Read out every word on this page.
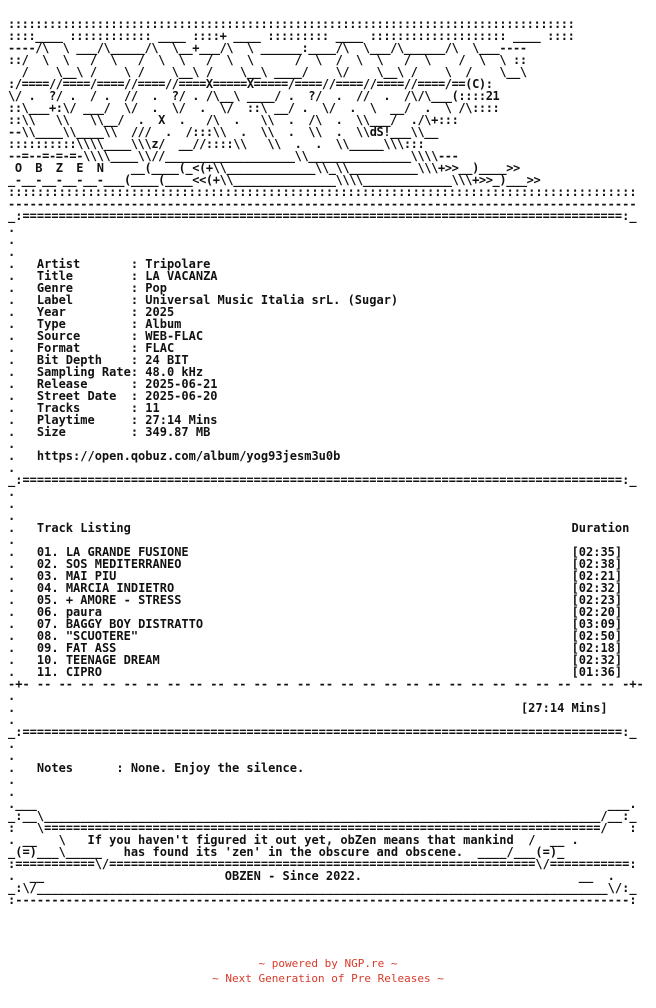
:::::::::::::::::::::::::::::::::::::::::::::::::::::::::::::::::::::::::::::::::::
::::____ :::::::::::: ____ ::::+ ____ ::::::::: ____ :::::::::::::::::::: ____ ::::
----/\  \ ___/\_____/\  \__+___/\  \ ______:____/\  \___/\______/\  \___----
::/  \  \   /  \   /  \  \   /  \  \      /  \  /  \  \   /  \    /  \  \ ::
/    \__\ /    \ /    \__\ /    \__\ ____/    \/    \__\ /    \  /    \__\
:/====//====/====//====//====X=====X=====/====//====//====//====/==(C):
\/ .  ?/ .  / .  //  .  ?/ . /\__\ ____/ .  ?/  .  //  .  /\/\___(::::21
::\___+:\/ ___/  \/  .  \/  .  \/  ::\ __/ .  \/  .  \  __/  .  \ /\::::
::\\   \\   \\__/  .  X  .   /\  .   \\  .  /\  .  \\___/  ./\+:::
--\\____\\____\\  ///  .  /:::\\  .  \\  .  \\  .  \\dS!___\\__
::::::::::\\\\____\\\z/  __//::::\\   \\  .  .  \\_____\\\:::
--=--=-=-=-\\\\____\\//___________________\\_______________\\\\---
O  B  Z  E  N    __(____(_<(+\\_____________\\_\\__________\\\+>>__)____>>
_-__-__-__-__-___(____(____<<(+\\_______________\\\\_____________\\\+>>_)___>>
:::::::::::::::::::::::::::::::::::::::::::::::::::::::::::::::::::::::::::::::::::::::
---------------------------------------------------------------------------------------
_:===================================================================================:_
.
.
.
.   Artist       : Tripolare
.   Title        : LA VACANZA
.   Genre        : Pop
.   Label        : Universal Music Italia srL. (Sugar)
.   Year         : 2025
.   Type         : Album
.   Source       : WEB-FLAC
.   Format       : FLAC
.   Bit Depth    : 24 BIT
.   Sampling Rate: 48.0 kHz
.   Release      : 2025-06-21
.   Street Date  : 2025-06-20
.   Tracks       : 11
.   Playtime     : 27:14 Mins
.   Size         : 349.87 MB
.
.   https://open.qobuz.com/album/yog93jesm3u0b
.
_:===================================================================================:_
.
.
.
.   Track Listing	Duration
.
.   01. LA GRANDE FUSIONE	[02:35]
.   02. SOS MEDITERRANEO	[02:38]
.   03. MAI PIU	[02:21]
.   04. MARCIA INDIETRO	[02:32]
.   05. + AMORE - STRESS	[02:23]
.   06. paura	[02:20]
.   07. BAGGY BOY DISTRATTO	[03:09]
.   08. "SCUOTERE"	[02:50]
.   09. FAT ASS	[02:18]
.   10. TEENAGE DREAM	[02:32]
.   11. CIPRO	[01:36]
-+- -- -- -- -- -- -- -- -- -- -- -- -- -- -- -- -- -- -- -- -- -- -- -- -- -- -- -- -+-
.
.                                                                      [27:14 Mins]
.
_:===================================================================================:_
.
.
.   Notes      : None. Enjoy the silence.
.
.
.___                                                                               ___.
_:__\_____________________________________________________________________________/__:_
:   \=============================================================================/   :
. __   \   If you haven't figured it out yet, obZen means that mankind  /  __ .
_(=)___\_____   has found its 'zen' in the obscure and obscene.  ____/___(=)_
:===========\/===========================================================\/===========:
.  __                         OBZEN - Since 2022.                              __  .
_:\/_______________________________________________________________________________\/:_
:-------------------------------------------------------------------------------------:
~ powered by NGP.re ~
~ Next Generation of Pre Releases ~
